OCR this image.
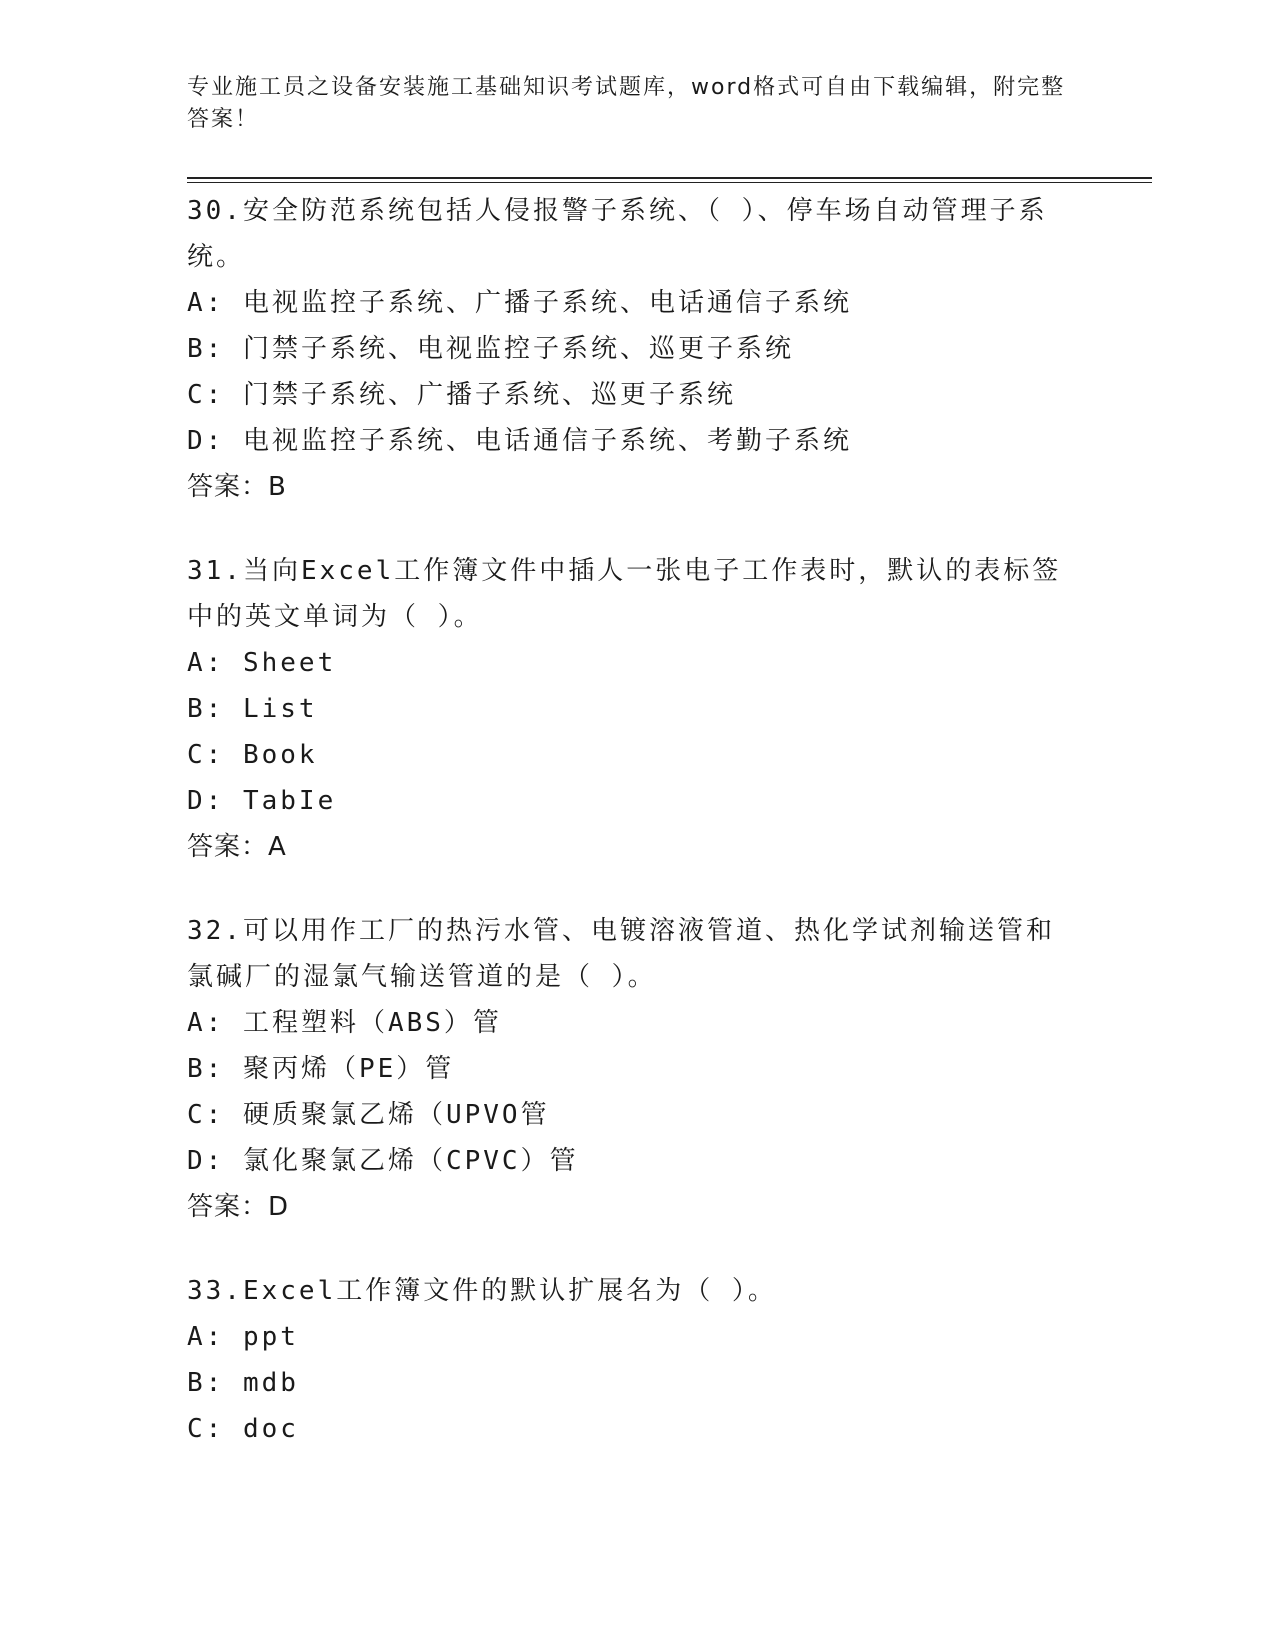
专业施工员之设备安装施工基础知识考试题库，word格式可自由下载编辑，附完整答案！

30.安全防范系统包括人侵报警子系统、（ ）、停车场自动管理子系统。

A: 电视监控子系统、广播子系统、电话通信子系统

B: 门禁子系统、电视监控子系统、巡更子系统

C: 门禁子系统、广播子系统、巡更子系统

D: 电视监控子系统、电话通信子系统、考勤子系统

答案：B

31.当向Excel工作簿文件中插人一张电子工作表时，默认的表标签中的英文单词为（ ）。

A: Sheet

B: List

C: Book

D: TabIe

答案：A

32.可以用作工厂的热污水管、电镀溶液管道、热化学试剂输送管和氯碱厂的湿氯气输送管道的是（ ）。

A: 工程塑料（ABS）管

B: 聚丙烯（PE）管

C: 硬质聚氯乙烯（UPVO管

D: 氯化聚氯乙烯（CPVC）管

答案：D

33.Excel工作簿文件的默认扩展名为（ ）。

A: ppt

B: mdb

C: doc
